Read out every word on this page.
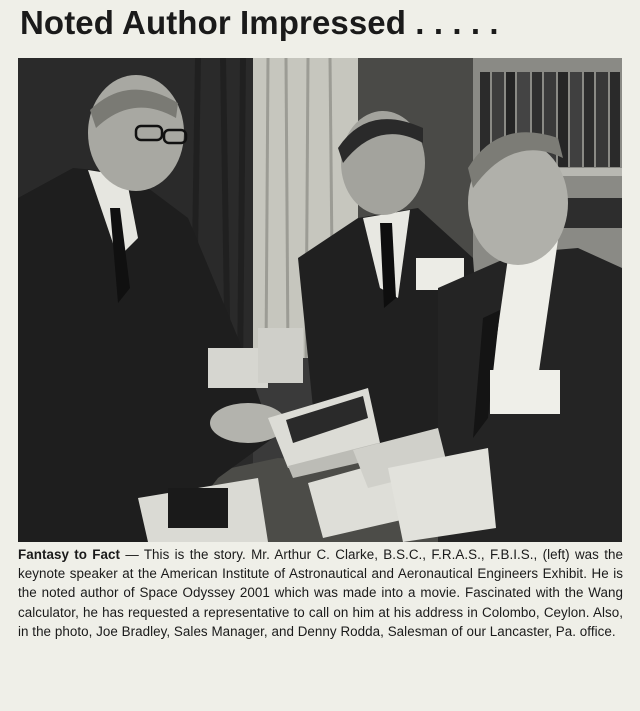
Noted Author Impressed . . . . .
Fantasy to Fact — This is the story. Mr. Arthur C. Clarke, B.S.C., F.R.A.S., F.B.I.S., (left) was the keynote speaker at the American Institute of Astronautical and Aeronautical Engineers Exhibit. He is the noted author of Space Odyssey 2001 which was made into a movie. Fascinated with the Wang calculator, he has requested a representative to call on him at his address in Colombo, Ceylon. Also, in the photo, Joe Bradley, Sales Manager, and Denny Rodda, Salesman of our Lancaster, Pa. office.
